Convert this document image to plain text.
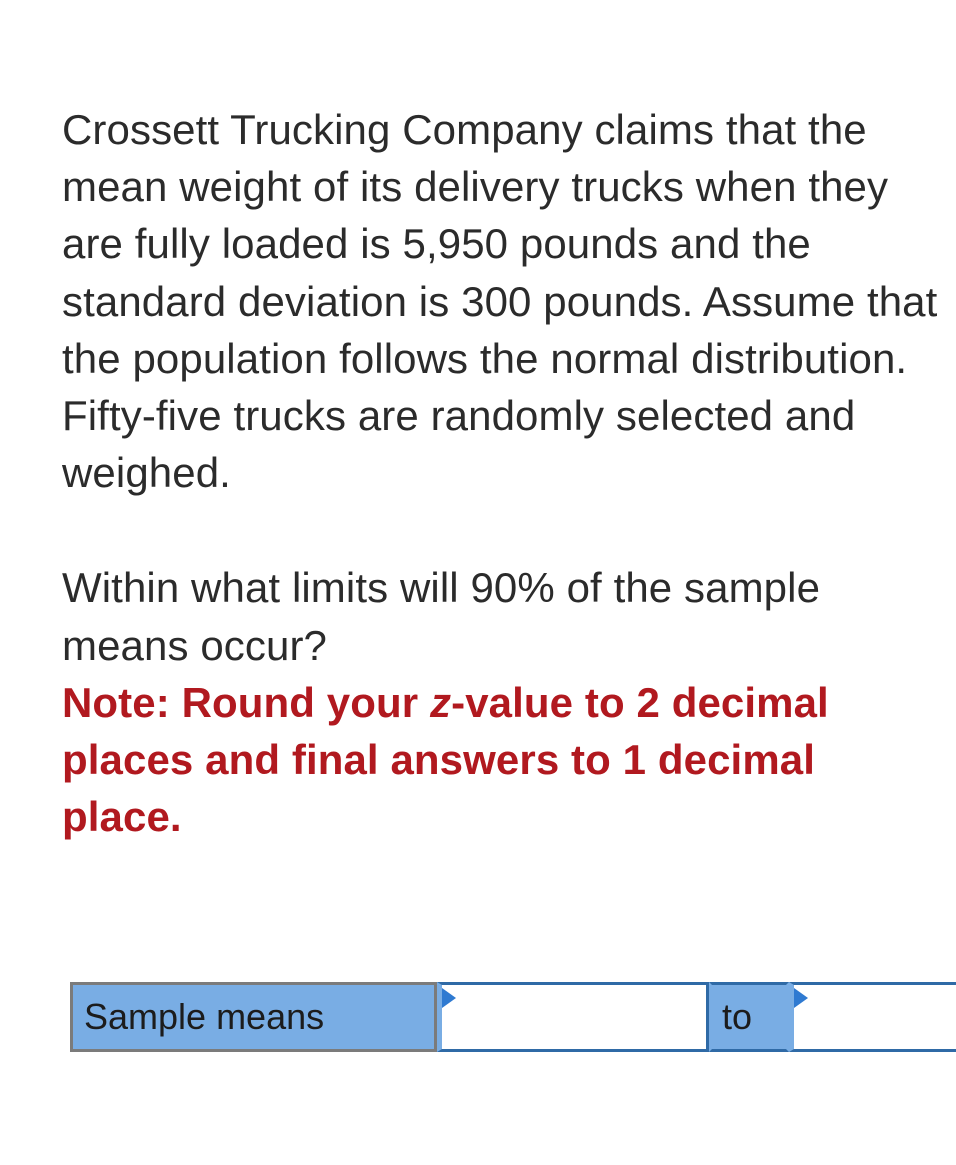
Crossett Trucking Company claims that the mean weight of its delivery trucks when they are fully loaded is 5,950 pounds and the standard deviation is 300 pounds. Assume that the population follows the normal distribution. Fifty-five trucks are randomly selected and weighed.

Within what limits will 90% of the sample means occur?

Note: Round your z-value to 2 decimal places and final answers to 1 decimal place.

Sample means	to
